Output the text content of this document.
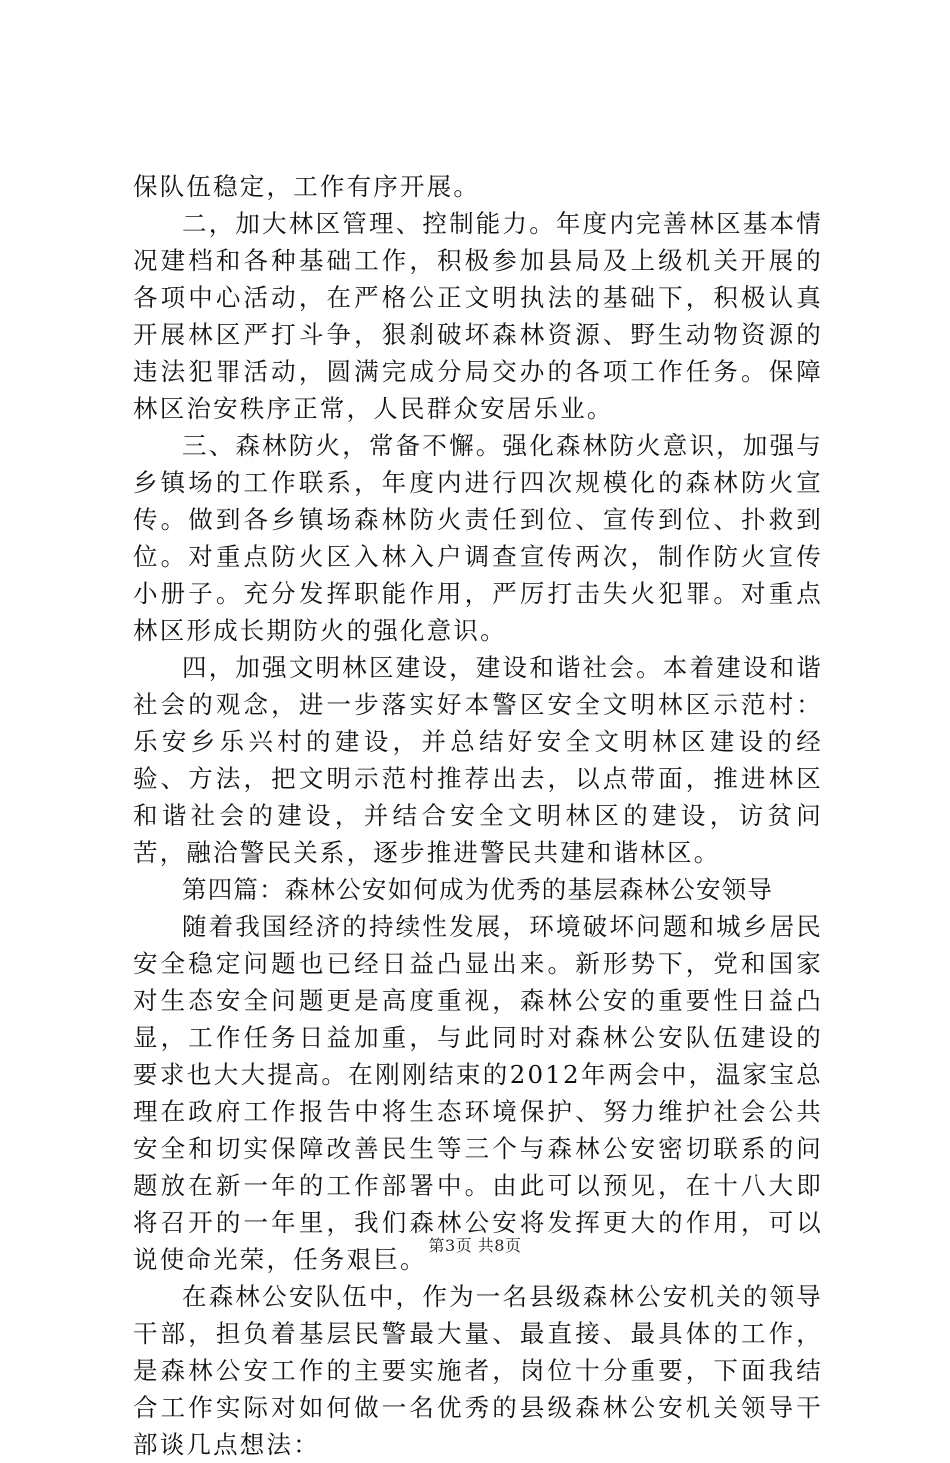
保队伍稳定，工作有序开展。

二，加大林区管理、控制能力。年度内完善林区基本情况建档和各种基础工作，积极参加县局及上级机关开展的各项中心活动，在严格公正文明执法的基础下，积极认真开展林区严打斗争，狠刹破坏森林资源、野生动物资源的违法犯罪活动，圆满完成分局交办的各项工作任务。保障林区治安秩序正常，人民群众安居乐业。

三、森林防火，常备不懈。强化森林防火意识，加强与乡镇场的工作联系，年度内进行四次规模化的森林防火宣传。做到各乡镇场森林防火责任到位、宣传到位、扑救到位。对重点防火区入林入户调查宣传两次，制作防火宣传小册子。充分发挥职能作用，严厉打击失火犯罪。对重点林区形成长期防火的强化意识。

四，加强文明林区建设，建设和谐社会。本着建设和谐社会的观念，进一步落实好本警区安全文明林区示范村：乐安乡乐兴村的建设，并总结好安全文明林区建设的经验、方法，把文明示范村推荐出去，以点带面，推进林区和谐社会的建设，并结合安全文明林区的建设，访贫问苦，融洽警民关系，逐步推进警民共建和谐林区。

第四篇：森林公安如何成为优秀的基层森林公安领导

随着我国经济的持续性发展，环境破坏问题和城乡居民安全稳定问题也已经日益凸显出来。新形势下，党和国家对生态安全问题更是高度重视，森林公安的重要性日益凸显，工作任务日益加重，与此同时对森林公安队伍建设的要求也大大提高。在刚刚结束的2012年两会中，温家宝总理在政府工作报告中将生态环境保护、努力维护社会公共安全和切实保障改善民生等三个与森林公安密切联系的问题放在新一年的工作部署中。由此可以预见，在十八大即将召开的一年里，我们森林公安将发挥更大的作用，可以说使命光荣，任务艰巨。

在森林公安队伍中，作为一名县级森林公安机关的领导干部，担负着基层民警最大量、最直接、最具体的工作，是森林公安工作的主要实施者，岗位十分重要，下面我结合工作实际对如何做一名优秀的县级森林公安机关领导干部谈几点想法：

第3页 共8页
